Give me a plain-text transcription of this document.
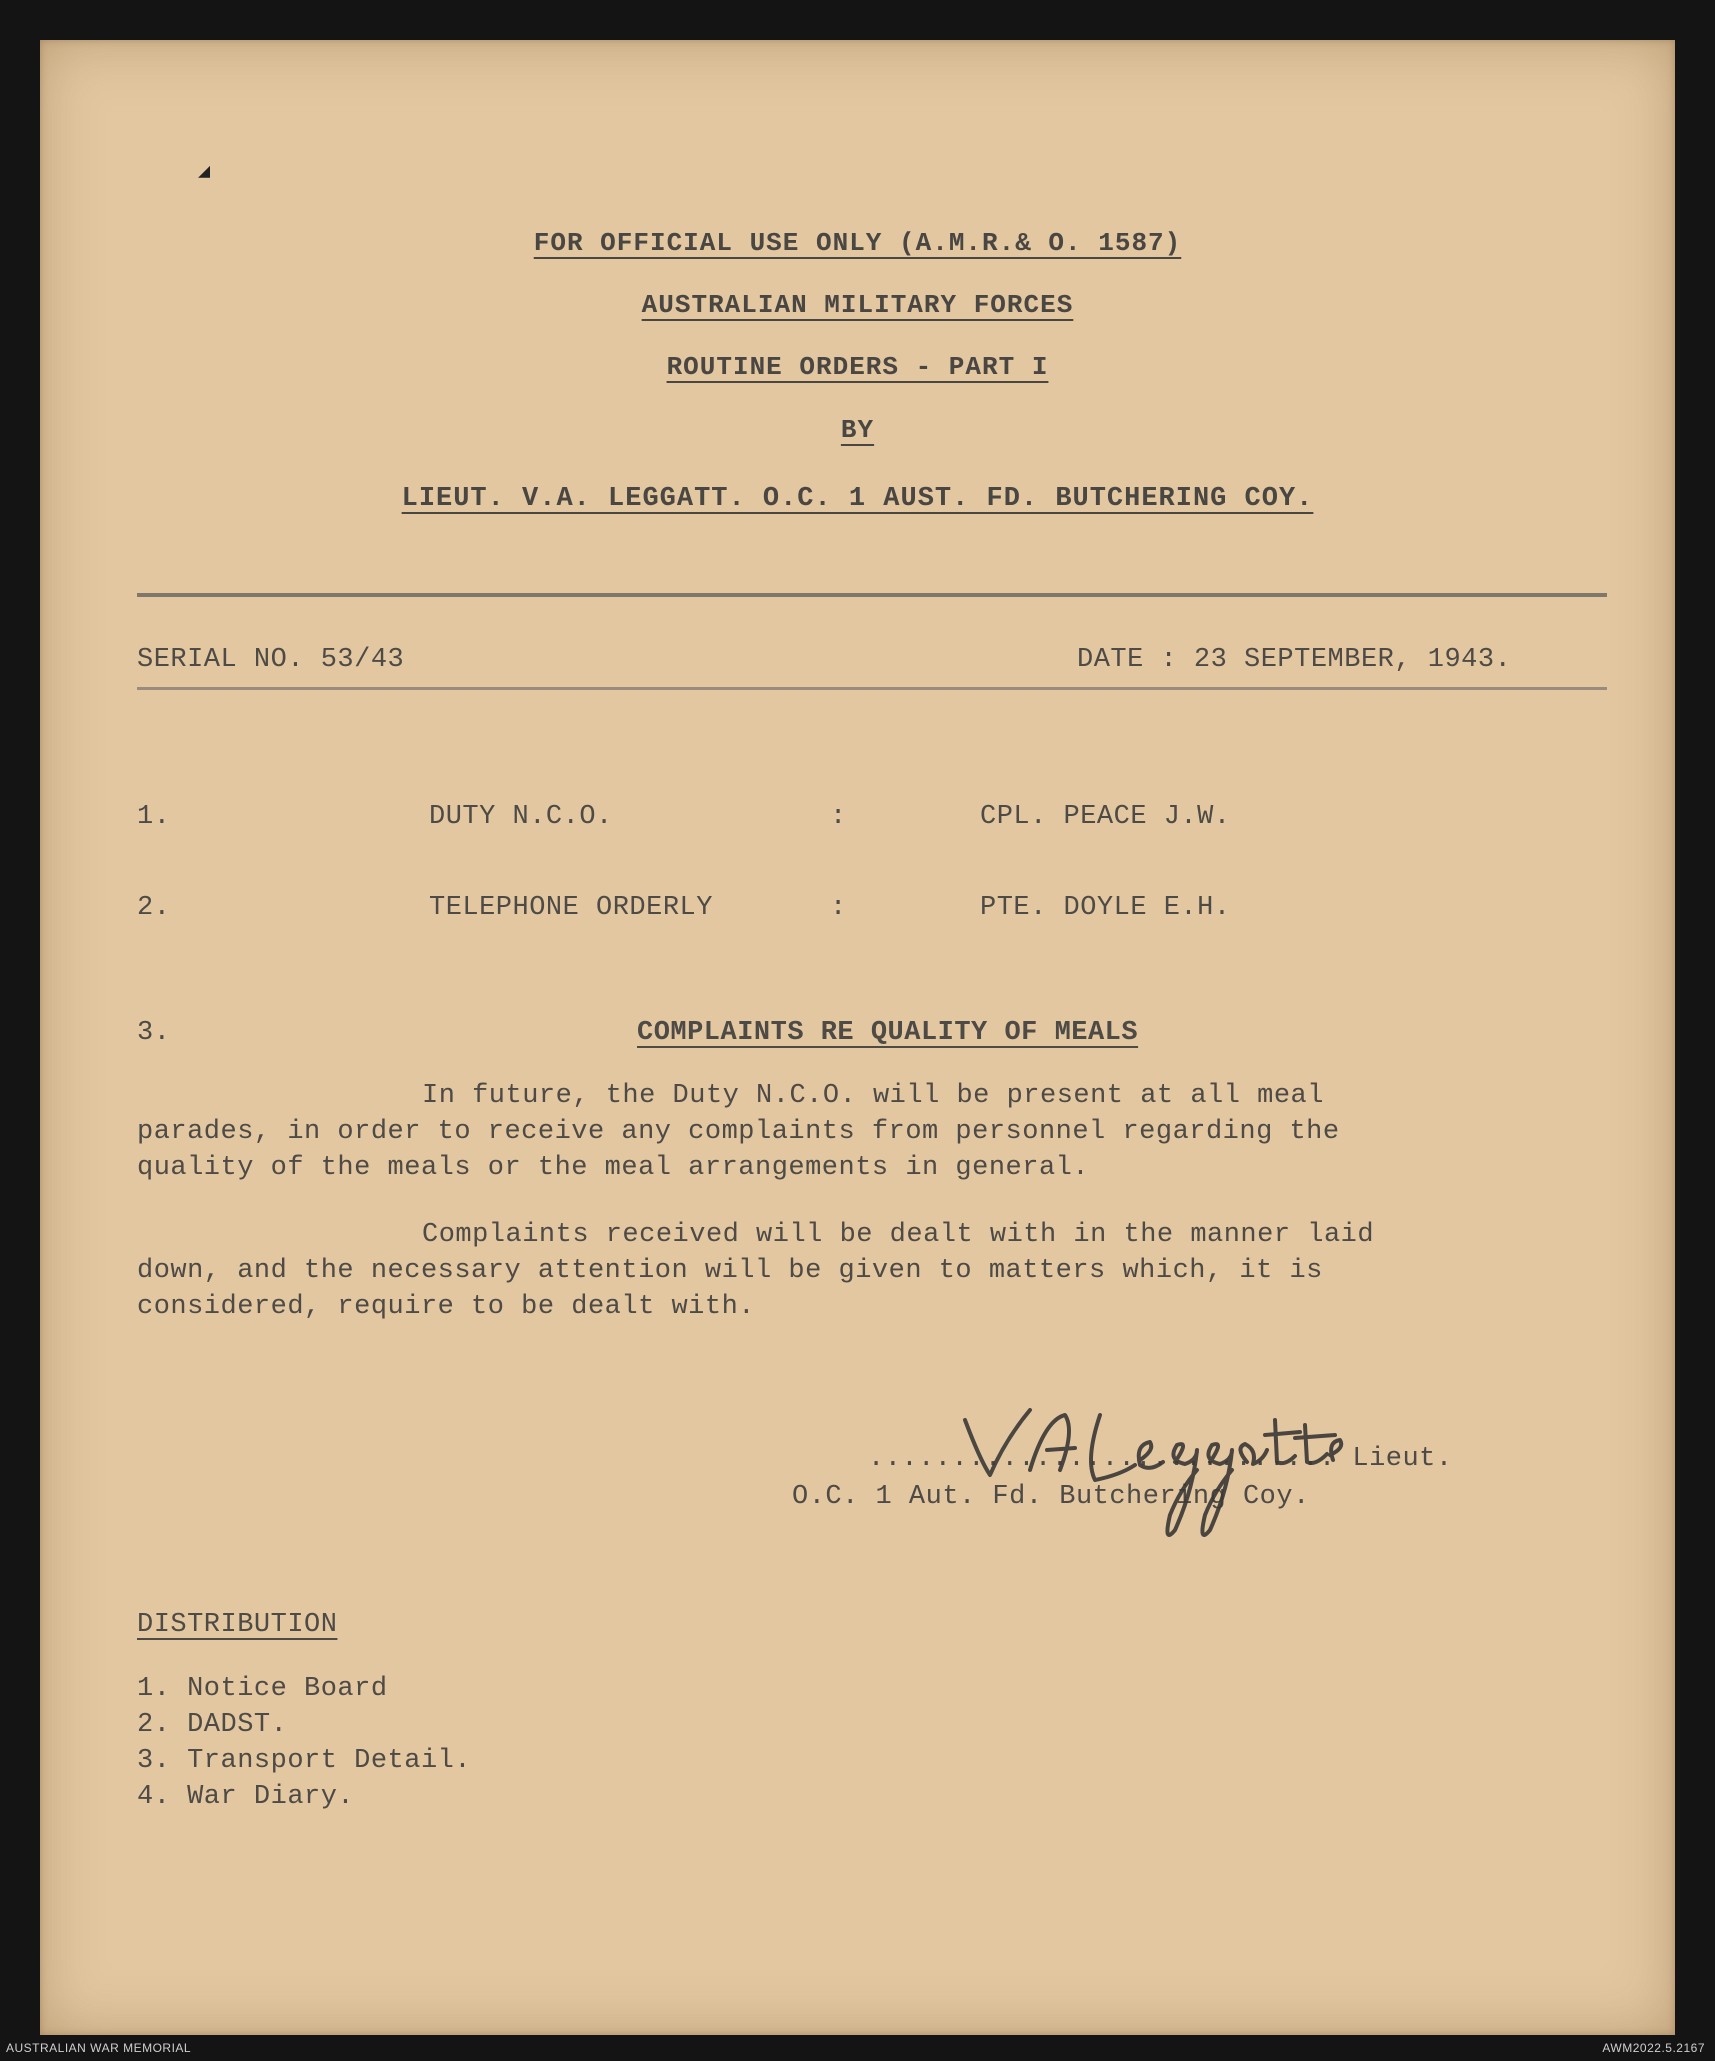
◢
FOR OFFICIAL USE ONLY (A.M.R.& O. 1587)
AUSTRALIAN MILITARY FORCES
ROUTINE ORDERS - PART I
BY
LIEUT. V.A. LEGGATT. O.C. 1 AUST. FD. BUTCHERING COY.
SERIAL NO. 53/43	DATE : 23 SEPTEMBER, 1943.
1.	DUTY N.C.O.	:	CPL. PEACE J.W.
2.	TELEPHONE ORDERLY	:	PTE. DOYLE E.H.
3.	COMPLAINTS RE QUALITY OF MEALS

In future, the Duty N.C.O. will be present at all meal

parades, in order to receive any complaints from personnel regarding the

quality of the meals or the meal arrangements in general.

Complaints received will be dealt with in the manner laid

down, and the necessary attention will be given to matters which, it is

considered, require to be dealt with.

............................ Lieut.
O.C. 1 Aut. Fd. Butchering Coy.
DISTRIBUTION
1. Notice Board
2. DADST.
3. Transport Detail.
4. War Diary.
AUSTRALIAN WAR MEMORIAL	AWM2022.5.2167
